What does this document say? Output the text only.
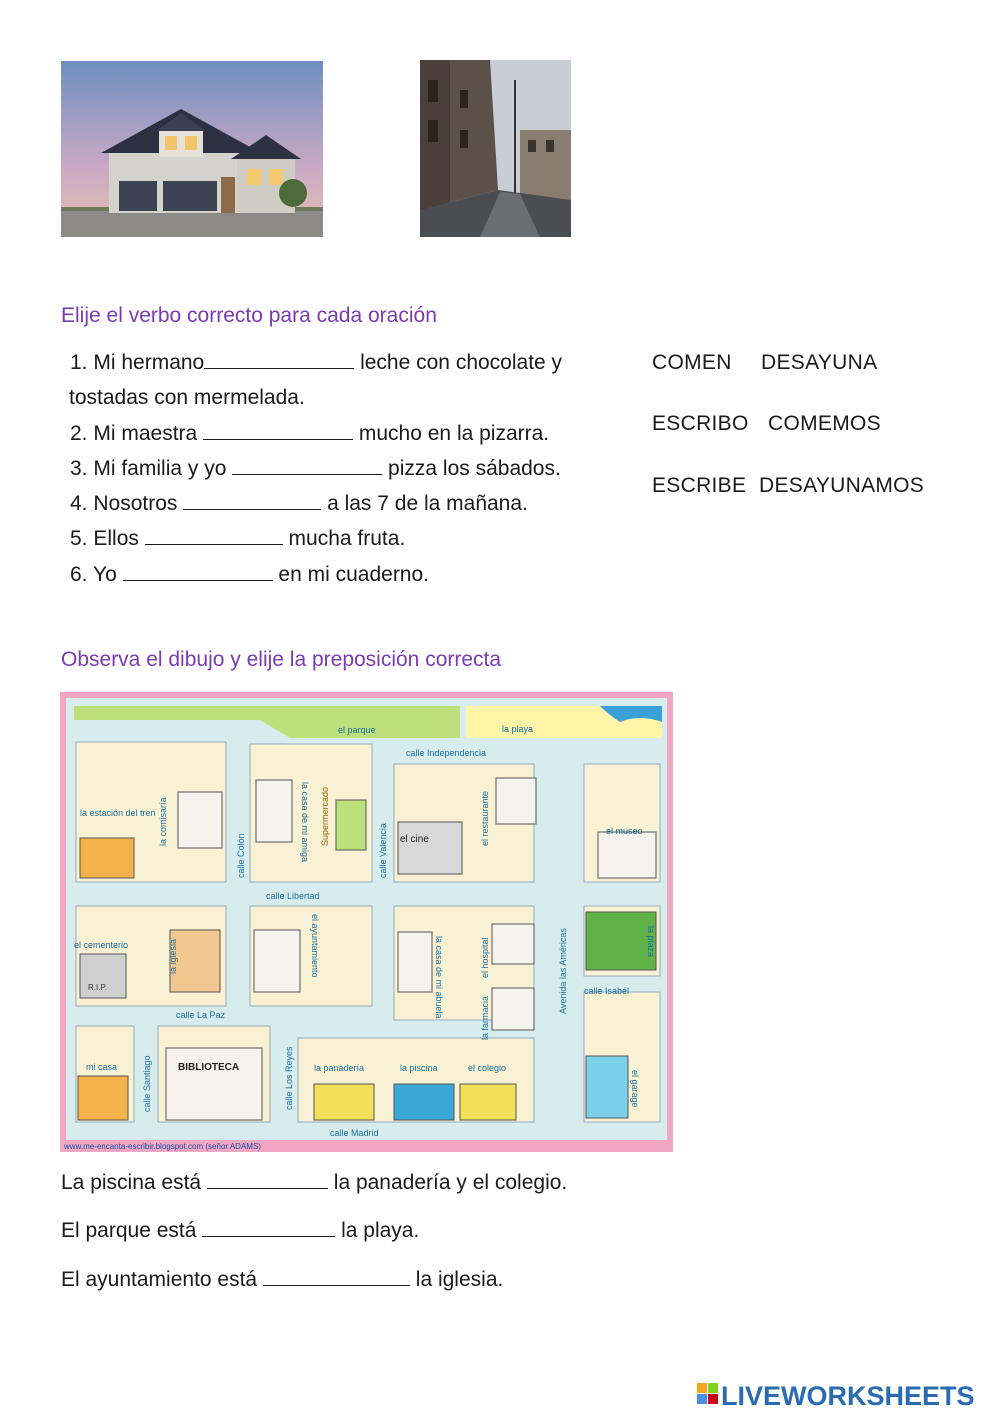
Elije el verbo correcto para cada oración
1. Mi hermano	leche con chocolate y
tostadas con mermelada.
2. Mi maestra	mucho en la pizarra.
3. Mi familia y yo	pizza los sábados.
4. Nosotros	a las 7 de la mañana.
5. Ellos	mucha fruta.
6. Yo	en mi cuaderno.
COMEN DESAYUNA
ESCRIBO COMEMOS
ESCRIBE DESAYUNAMOS
Observa el dibujo y elije la preposición correcta
el parque	la playa
calle Independencia
la estación del tren
el museo
calle Libertad
el cementerio
calle La Paz
calle Isabél
mi casa	la panadería	la piscina	el colegio
calle Madrid
el cine
BIBLIOTECA
R.I.P.
la comisaría
calle Colón	la casa de mi amiga Supermercado
calle Valencia
el restaurante
la iglesia	el ayuntamiento	la casa de mi abuela	el hospital
la farmacia
Avenida las Américas	la plaza
calle Santiago	calle Los Reyes	el garage
www.me-encanta-escribir.blogspot.com (señor ADAMS)
La piscina está	la panadería y el colegio.
El parque está	la playa.
El ayuntamiento está	la iglesia.
LIVEWORKSHEETS
